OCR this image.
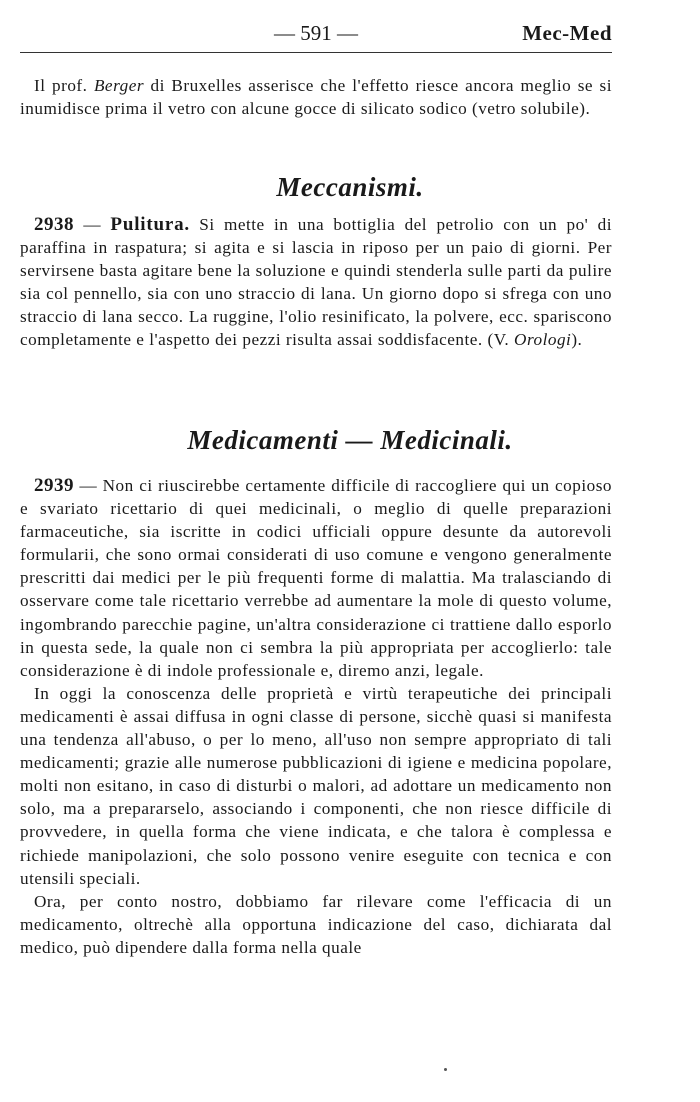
— 591 —	Mec-Med

Il prof. Berger di Bruxelles asserisce che l'effetto riesce ancora meglio se si inumidisce prima il vetro con alcune gocce di silicato sodico (vetro solubile).

Meccanismi.

2938 — Pulitura. Si mette in una bottiglia del petrolio con un po' di paraffina in raspatura; si agita e si lascia in riposo per un paio di giorni. Per servirsene basta agitare bene la soluzione e quindi stenderla sulle parti da pulire sia col pennello, sia con uno straccio di lana. Un giorno dopo si sfrega con uno straccio di lana secco. La ruggine, l'olio resinificato, la polvere, ecc. spariscono completamente e l'aspetto dei pezzi risulta assai soddisfacente. (V. Orologi).

Medicamenti — Medicinali.

2939 — Non ci riuscirebbe certamente difficile di raccogliere qui un copioso e svariato ricettario di quei medicinali, o meglio di quelle preparazioni farmaceutiche, sia iscritte in codici ufficiali oppure desunte da autorevoli formularii, che sono ormai considerati di uso comune e vengono generalmente prescritti dai medici per le più frequenti forme di malattia. Ma tralasciando di osservare come tale ricettario verrebbe ad aumentare la mole di questo volume, ingombrando parecchie pagine, un'altra considerazione ci trattiene dallo esporlo in questa sede, la quale non ci sembra la più appropriata per accoglierlo: tale considerazione è di indole professionale e, diremo anzi, legale.

In oggi la conoscenza delle proprietà e virtù terapeutiche dei principali medicamenti è assai diffusa in ogni classe di persone, sicchè quasi si manifesta una tendenza all'abuso, o per lo meno, all'uso non sempre appropriato di tali medicamenti; grazie alle numerose pubblicazioni di igiene e medicina popolare, molti non esitano, in caso di disturbi o malori, ad adottare un medicamento non solo, ma a prepararselo, associando i componenti, che non riesce difficile di provvedere, in quella forma che viene indicata, e che talora è complessa e richiede manipolazioni, che solo possono venire eseguite con tecnica e con utensili speciali.

Ora, per conto nostro, dobbiamo far rilevare come l'efficacia di un medicamento, oltrechè alla opportuna indicazione del caso, dichiarata dal medico, può dipendere dalla forma nella quale
